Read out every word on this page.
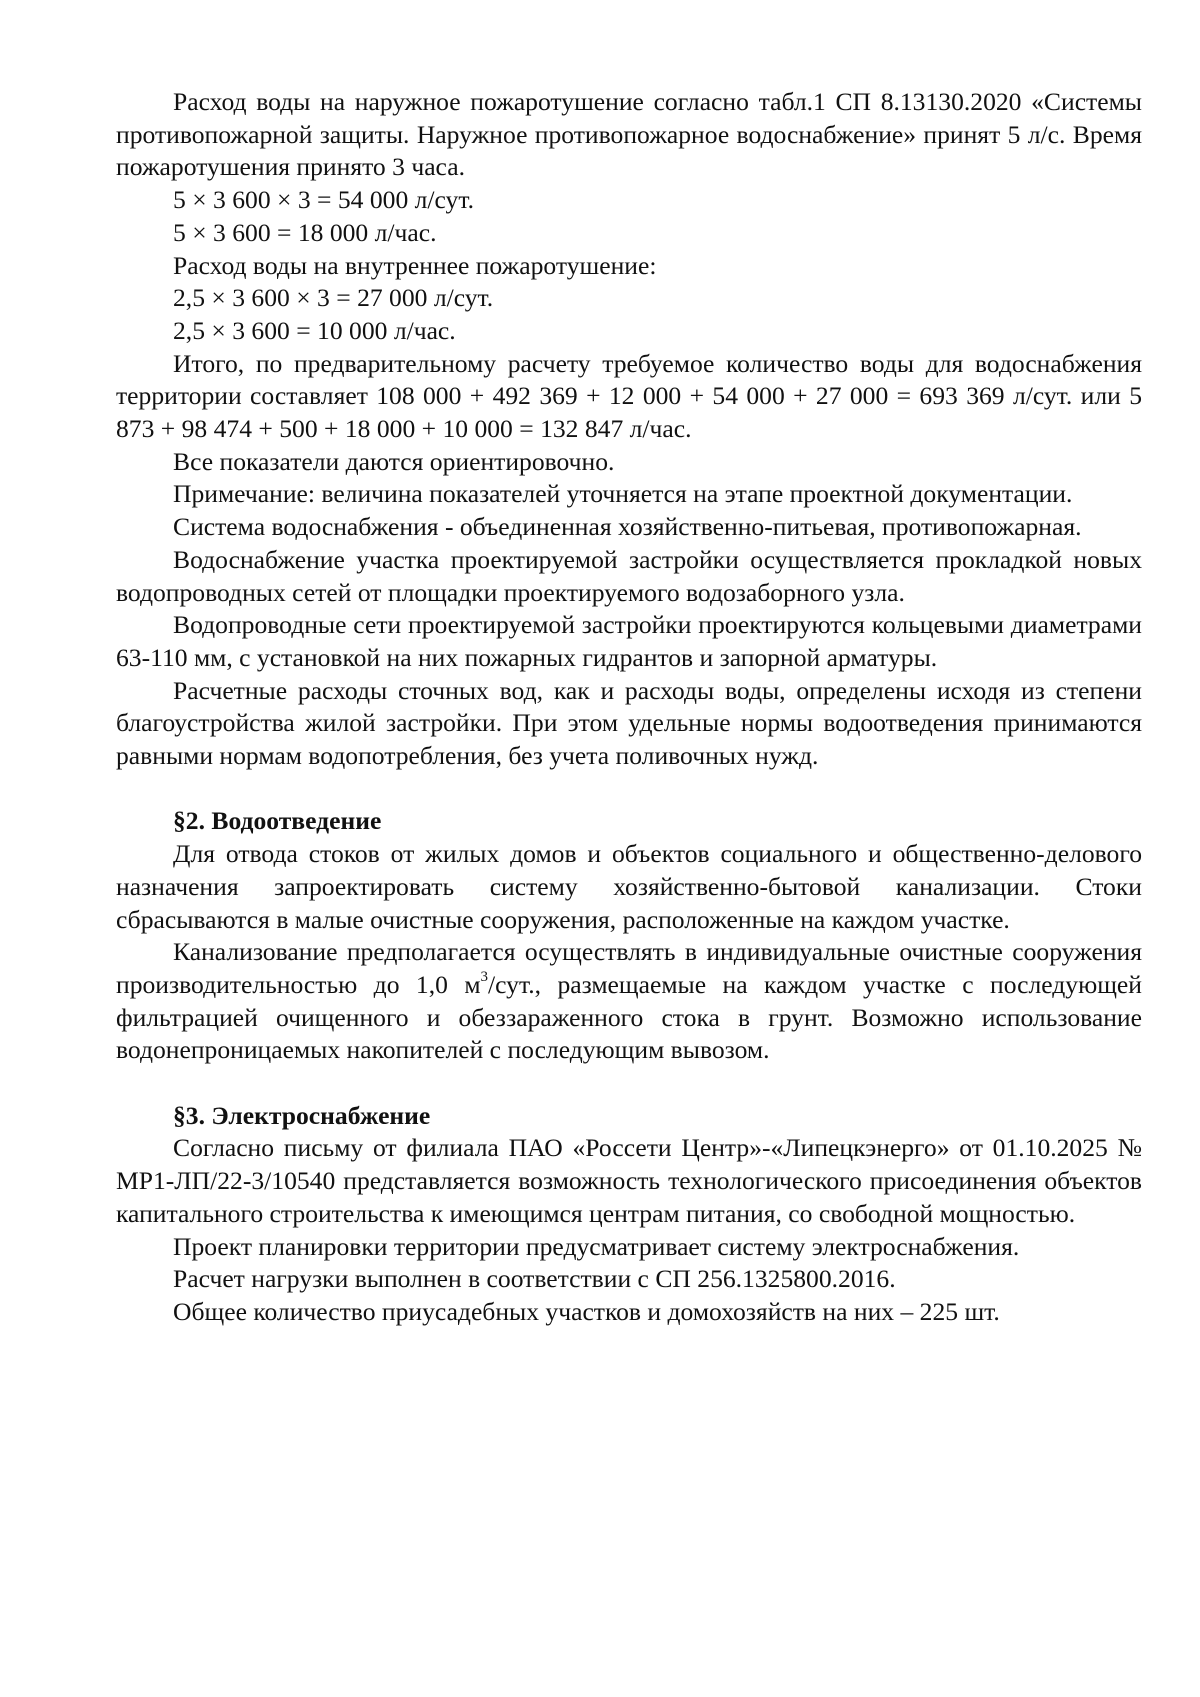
Расход воды на наружное пожаротушение согласно табл.1 СП 8.13130.2020 «Системы противопожарной защиты. Наружное противопожарное водоснабжение» принят 5 л/с. Время пожаротушения принято 3 часа.

5 × 3 600 × 3 = 54 000 л/сут.

5 × 3 600 = 18 000 л/час.

Расход воды на внутреннее пожаротушение:

2,5 × 3 600 × 3 = 27 000 л/сут.

2,5 × 3 600 = 10 000 л/час.

Итого, по предварительному расчету требуемое количество воды для водоснабжения территории составляет 108 000 + 492 369 + 12 000 + 54 000 + 27 000 = 693 369 л/сут. или 5 873 + 98 474 + 500 + 18 000 + 10 000 = 132 847 л/час.

Все показатели даются ориентировочно.

Примечание: величина показателей уточняется на этапе проектной документации.

Система водоснабжения - объединенная хозяйственно-питьевая, противопожарная.

Водоснабжение участка проектируемой застройки осуществляется прокладкой новых водопроводных сетей от площадки проектируемого водозаборного узла.

Водопроводные сети проектируемой застройки проектируются кольцевыми диаметрами 63-110 мм, с установкой на них пожарных гидрантов и запорной арматуры.

Расчетные расходы сточных вод, как и расходы воды, определены исходя из степени благоустройства жилой застройки. При этом удельные нормы водоотведения принимаются равными нормам водопотребления, без учета поливочных нужд.

§2. Водоотведение

Для отвода стоков от жилых домов и объектов социального и общественно-делового назначения запроектировать систему хозяйственно-бытовой канализации. Стоки сбрасываются в малые очистные сооружения, расположенные на каждом участке.

Канализование предполагается осуществлять в индивидуальные очистные сооружения производительностью до 1,0 $м^3$/сут., размещаемые на каждом участке с последующей фильтрацией очищенного и обеззараженного стока в грунт. Возможно использование водонепроницаемых накопителей с последующим вывозом.

§3. Электроснабжение

Согласно письму от филиала ПАО «Россети Центр»-«Липецкэнерго» от 01.10.2025 № МР1-ЛП/22-3/10540 представляется возможность технологического присоединения объектов капитального строительства к имеющимся центрам питания, со свободной мощностью.

Проект планировки территории предусматривает систему электроснабжения.

Расчет нагрузки выполнен в соответствии с СП 256.1325800.2016.

Общее количество приусадебных участков и домохозяйств на них – 225 шт.
